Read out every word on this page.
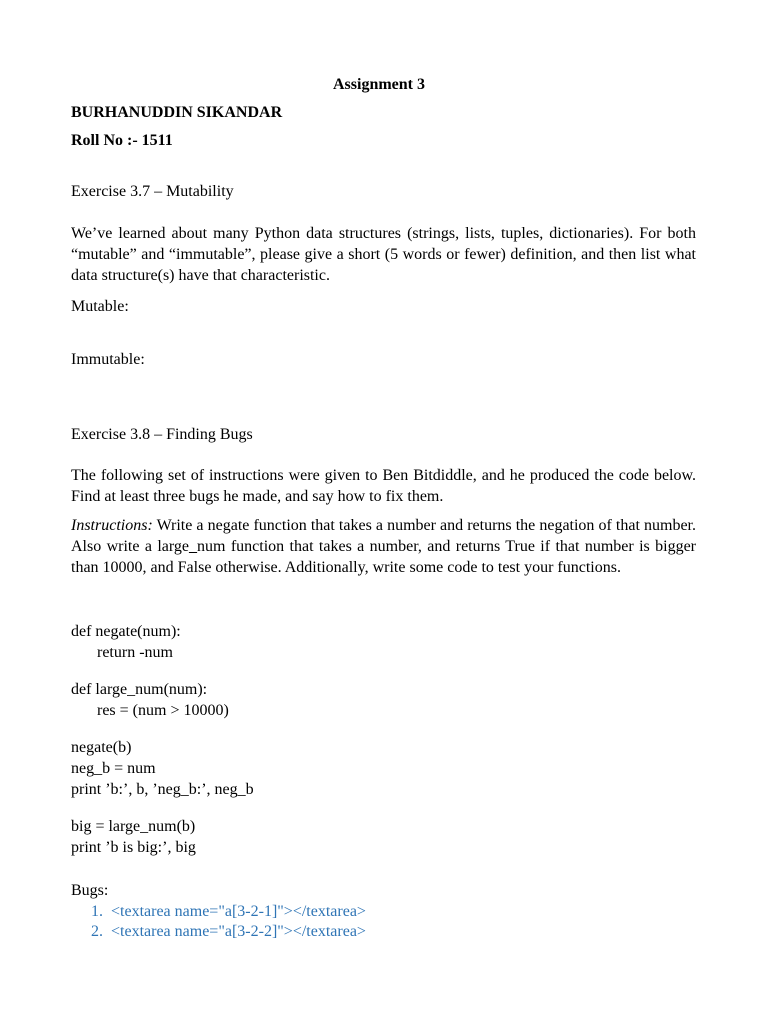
Assignment 3

BURHANUDDIN SIKANDAR

Roll No :- 1511

Exercise 3.7 – Mutability

We’ve learned about many Python data structures (strings, lists, tuples, dictionaries). For both “mutable” and “immutable”, please give a short (5 words or fewer) definition, and then list what data structure(s) have that characteristic.

Mutable:

Immutable:

Exercise 3.8 – Finding Bugs

The following set of instructions were given to Ben Bitdiddle, and he produced the code below. Find at least three bugs he made, and say how to fix them.

Instructions: Write a negate function that takes a number and returns the negation of that number. Also write a large_num function that takes a number, and returns True if that number is bigger than 10000, and False otherwise. Additionally, write some code to test your functions.

def negate(num):

return -num

def large_num(num):

res = (num > 10000)

negate(b)

neg_b = num

print ’b:’, b, ’neg_b:’, neg_b

big = large_num(b)

print ’b is big:’, big

Bugs:

1. <textarea name="a[3-2-1]"></textarea>

2. <textarea name="a[3-2-2]"></textarea>
